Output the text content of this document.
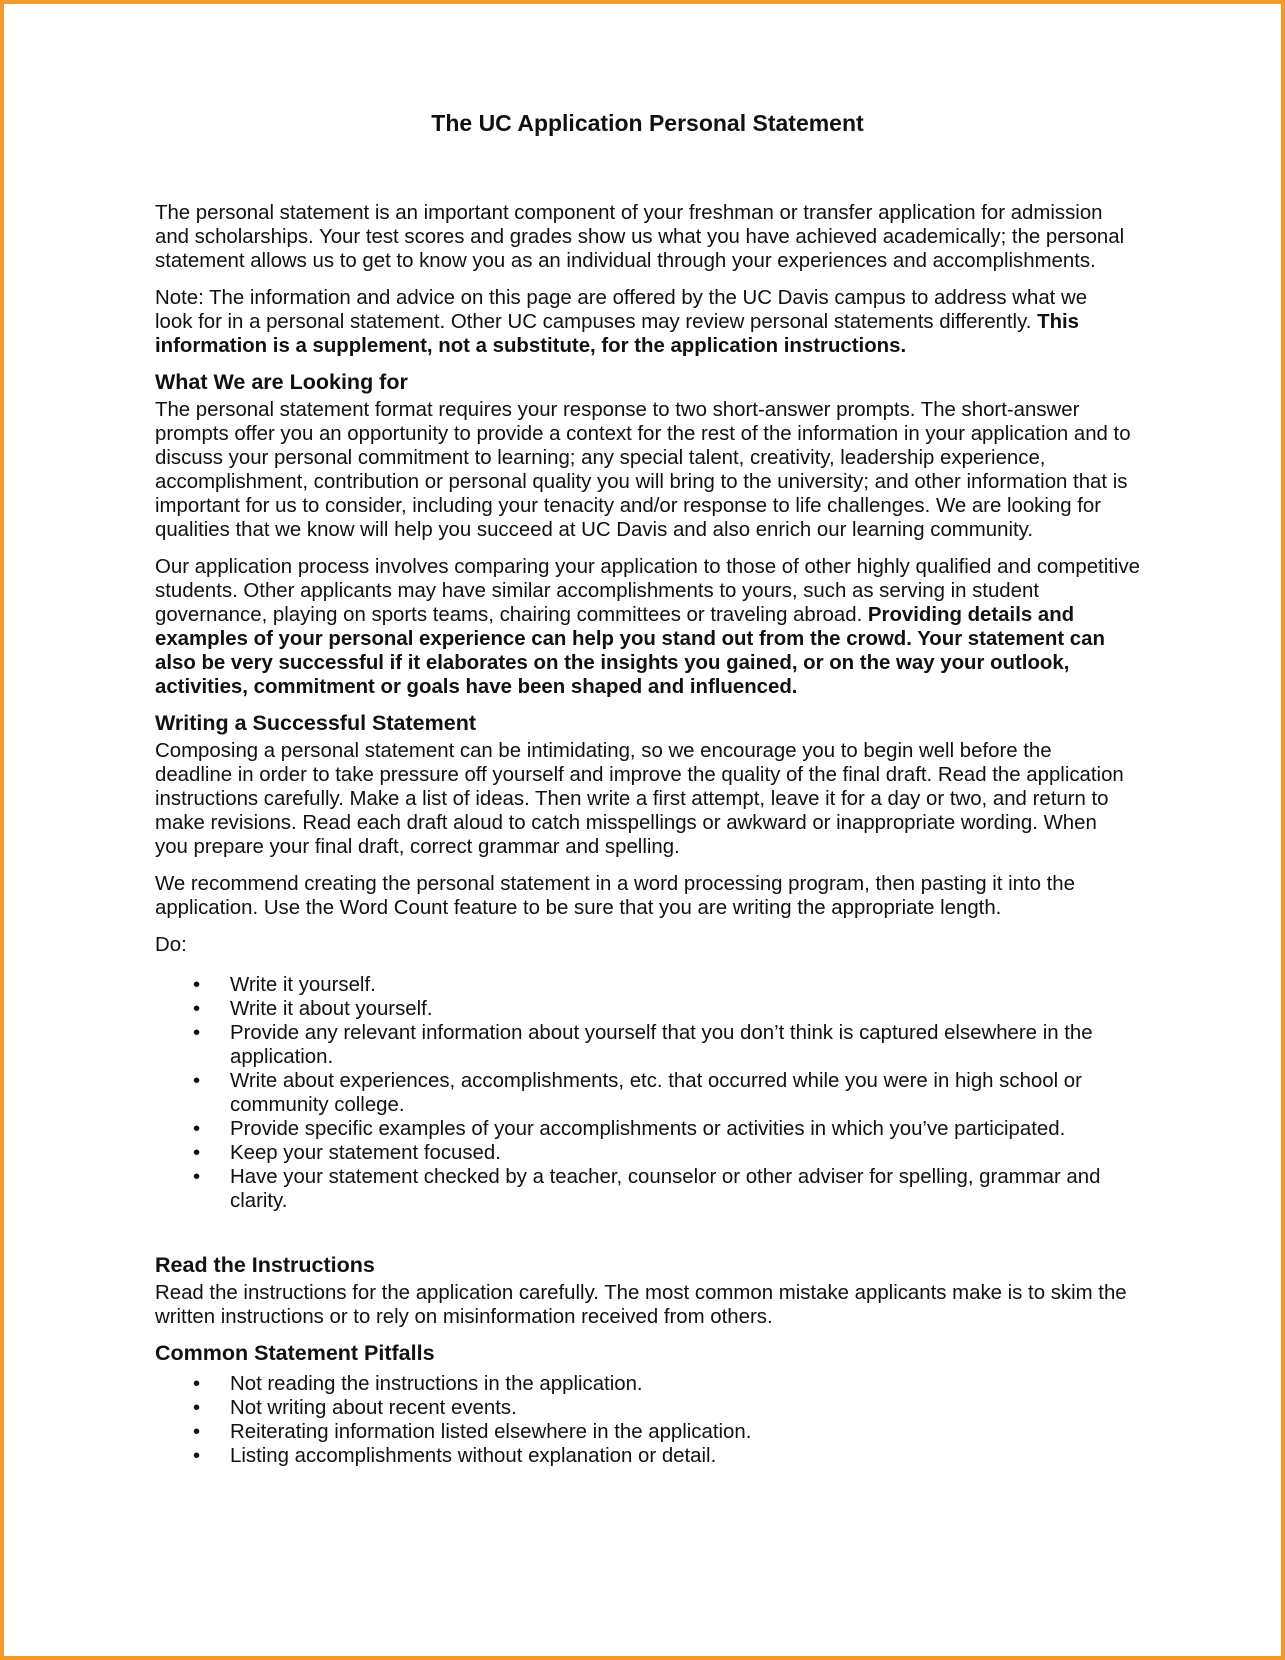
The UC Application Personal Statement

The personal statement is an important component of your freshman or transfer application for admission and scholarships. Your test scores and grades show us what you have achieved academically; the personal statement allows us to get to know you as an individual through your experiences and accomplishments.

Note: The information and advice on this page are offered by the UC Davis campus to address what we look for in a personal statement. Other UC campuses may review personal statements differently. This information is a supplement, not a substitute, for the application instructions.

What We are Looking for

The personal statement format requires your response to two short-answer prompts. The short-answer prompts offer you an opportunity to provide a context for the rest of the information in your application and to discuss your personal commitment to learning; any special talent, creativity, leadership experience, accomplishment, contribution or personal quality you will bring to the university; and other information that is important for us to consider, including your tenacity and/or response to life challenges. We are looking for qualities that we know will help you succeed at UC Davis and also enrich our learning community.

Our application process involves comparing your application to those of other highly qualified and competitive students. Other applicants may have similar accomplishments to yours, such as serving in student governance, playing on sports teams, chairing committees or traveling abroad. Providing details and examples of your personal experience can help you stand out from the crowd. Your statement can also be very successful if it elaborates on the insights you gained, or on the way your outlook, activities, commitment or goals have been shaped and influenced.

Writing a Successful Statement

Composing a personal statement can be intimidating, so we encourage you to begin well before the deadline in order to take pressure off yourself and improve the quality of the final draft. Read the application instructions carefully. Make a list of ideas. Then write a first attempt, leave it for a day or two, and return to make revisions. Read each draft aloud to catch misspellings or awkward or inappropriate wording. When you prepare your final draft, correct grammar and spelling.

We recommend creating the personal statement in a word processing program, then pasting it into the application. Use the Word Count feature to be sure that you are writing the appropriate length.

Do:

• Write it yourself.
• Write it about yourself.
• Provide any relevant information about yourself that you don’t think is captured elsewhere in the application.
• Write about experiences, accomplishments, etc. that occurred while you were in high school or community college.
• Provide specific examples of your accomplishments or activities in which you’ve participated.
• Keep your statement focused.
• Have your statement checked by a teacher, counselor or other adviser for spelling, grammar and clarity.
Read the Instructions

Read the instructions for the application carefully. The most common mistake applicants make is to skim the written instructions or to rely on misinformation received from others.

Common Statement Pitfalls
• Not reading the instructions in the application.
• Not writing about recent events.
• Reiterating information listed elsewhere in the application.
• Listing accomplishments without explanation or detail.
